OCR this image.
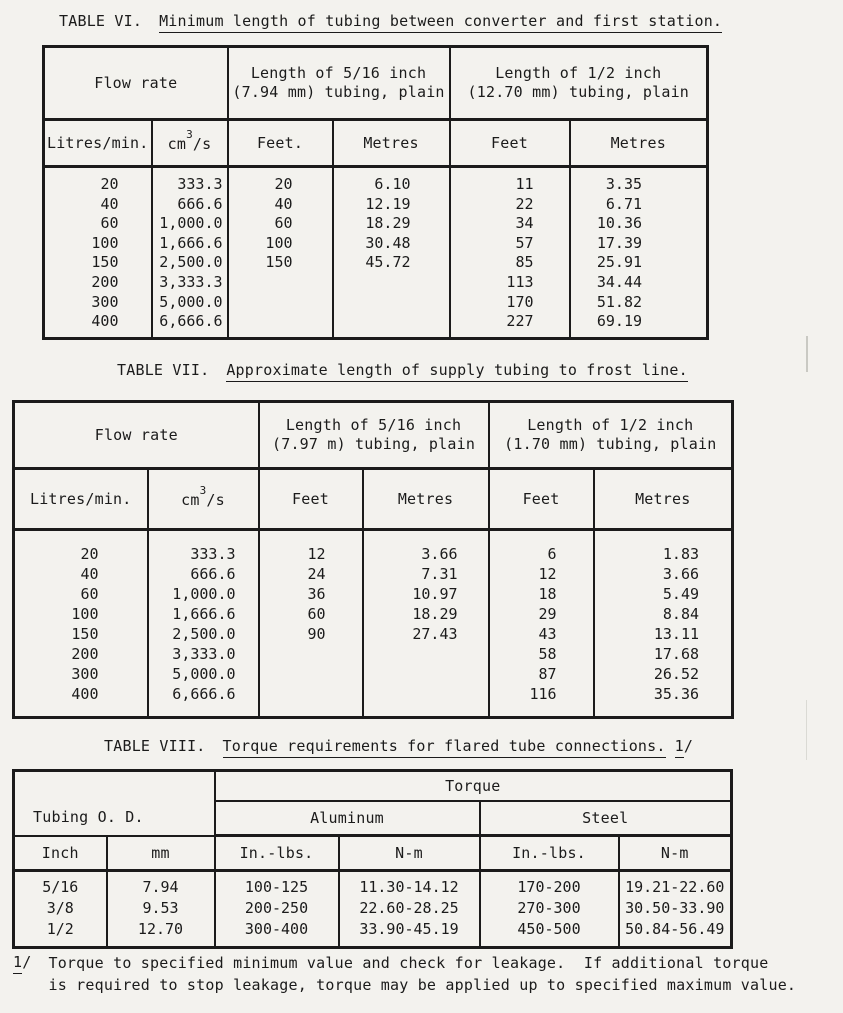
TABLE VI. Minimum length of tubing between converter and first station.
Flow rate	
Length of 5/16 inch
(7.94 mm) tubing, plain

Length of 1/2 inch
(12.70 mm) tubing, plain

Litres/min.	$cm^3/s$	Feet.	Metres	Feet	Metres
20	333.3	20	6.10	11	3.35
40	666.6	40	12.19	22	6.71
60	1,000.0	60	18.29	34	10.36
100	1,666.6	100	30.48	57	17.39
150	2,500.0	150	45.72	85	25.91
200	3,333.3			113	34.44
300	5,000.0			170	51.82
400	6,666.6			227	69.19
TABLE VII. Approximate length of supply tubing to frost line.
Flow rate	
Length of 5/16 inch
(7.97 m) tubing, plain

Length of 1/2 inch
(1.70 mm) tubing, plain

Litres/min.	$cm^3/s$	Feet	Metres	Feet	Metres
20	333.3	12	3.66	6	1.83
40	666.6	24	7.31	12	3.66
60	1,000.0	36	10.97	18	5.49
100	1,666.6	60	18.29	29	8.84
150	2,500.0	90	27.43	43	13.11
200	3,333.0			58	17.68
300	5,000.0			87	26.52
400	6,666.6			116	35.36
TABLE VIII. Torque requirements for flared tube connections. 1/
Tubing O. D.		Torque			
		Aluminum		Steel	
Inch	mm	In.-lbs.	N-m	In.-lbs.	N-m
5/16	7.94	100-125	11.30-14.12	170-200	19.21-22.60
3/8	9.53	200-250	22.60-28.25	270-300	30.50-33.90
1/2	12.70	300-400	33.90-45.19	450-500	50.84-56.49
1/ Torque to specified minimum value and check for leakage.  If additional torque
is required to stop leakage, torque may be applied up to specified maximum value.
